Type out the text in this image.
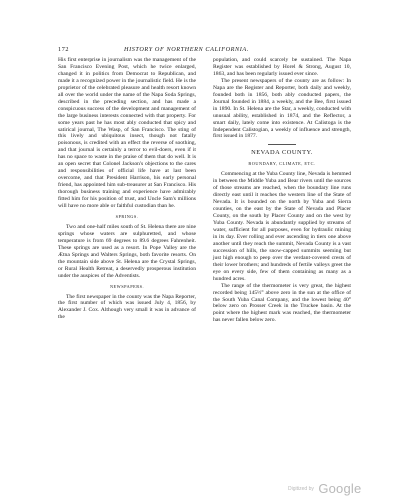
172	HISTORY OF NORTHERN CALIFORNIA.

His first enterprise in journalism was the management of the San Francisco Evening Post, which he twice enlarged, changed it in politics from Democrat to Republican, and made it a recognized power in the journalistic field. He is the proprietor of the celebrated pleasure and health resort known all over the world under the name of the Napa Soda Springs, described in the preceding section, and has made a conspicuous success of the development and management of the large business interests connected with that property. For some years past he has most ably conducted that spicy and satirical journal, The Wasp, of San Francisco. The sting of this lively and ubiquitous insect, though not fatally poisonous, is credited with an effect the reverse of soothing, and that journal is certainly a terror to evil-doers, even if it has no space to waste in the praise of them that do well. It is an open secret that Colonel Jackson's objections to the cares and responsibilities of official life have at last been overcome, and that President Harrison, his early personal friend, has appointed him sub-treasurer at San Francisco. His thorough business training and experience have admirably fitted him for his position of trust, and Uncle Sam's millions will have no more able or faithful custodian than he.

SPRINGS.

Two and one-half miles south of St. Helena there are nine springs whose waters are sulphuretted, and whose temperature is from 69 degrees to 89.6 degrees Fahrenheit. These springs are used as a resort. In Pope Valley are the Ætna Springs and Walters Springs, both favorite resorts. On the mountain side above St. Helena are the Crystal Springs, or Rural Health Retreat, a deservedly prosperous institution under the auspices of the Adventists.

NEWSPAPERS.

The first newspaper in the county was the Napa Reporter, the first number of which was issued July 4, 1856, by Alexander J. Cox. Although very small it was in advance of the

population, and could scarcely be sustained. The Napa Register was established by Horel & Strong, August 10, 1863, and has been regularly issued ever since.

The present newspapers of the county are as follow: In Napa are the Register and Reporter, both daily and weekly, founded both in 1856, both ably conducted papers, the Journal founded in 1884, a weekly, and the Bee, first issued in 1890. In St. Helena are the Star, a weekly, conducted with unusual ability, established in 1874, and the Reflector, a smart daily, lately come into existence. At Calistoga is the Independent Calistogian, a weekly of influence and strength, first issued in 1877.

NEVADA COUNTY.
BOUNDARY, CLIMATE, ETC.

Commencing at the Yuba County line, Nevada is hemmed in between the Middle Yuba and Bear rivers until the sources of those streams are reached, when the boundary line runs directly east until it reaches the western line of the State of Nevada. It is bounded on the north by Yuba and Sierra counties, on the east by the State of Nevada and Placer County, on the south by Placer County and on the west by Yuba County. Nevada is abundantly supplied by streams of water, sufficient for all purposes, even for hydraulic mining in its day. Ever rolling and ever ascending in tiers one above another until they reach the summit, Nevada County is a vast succession of hills, the snow-capped summits seeming but just high enough to peep over the verdant-covered crests of their lower brothers; and hundreds of fertile valleys greet the eye on every side, few of them containing as many as a hundred acres.

The range of the thermometer is very great, the highest recorded being 145½° above zero in the sun at the office of the South Yuba Canal Company, and the lowest being 40° below zero on Prosser Creek in the Truckee basin. At the point where the highest mark was reached, the thermometer has never fallen below zero.

Digitized by Google
